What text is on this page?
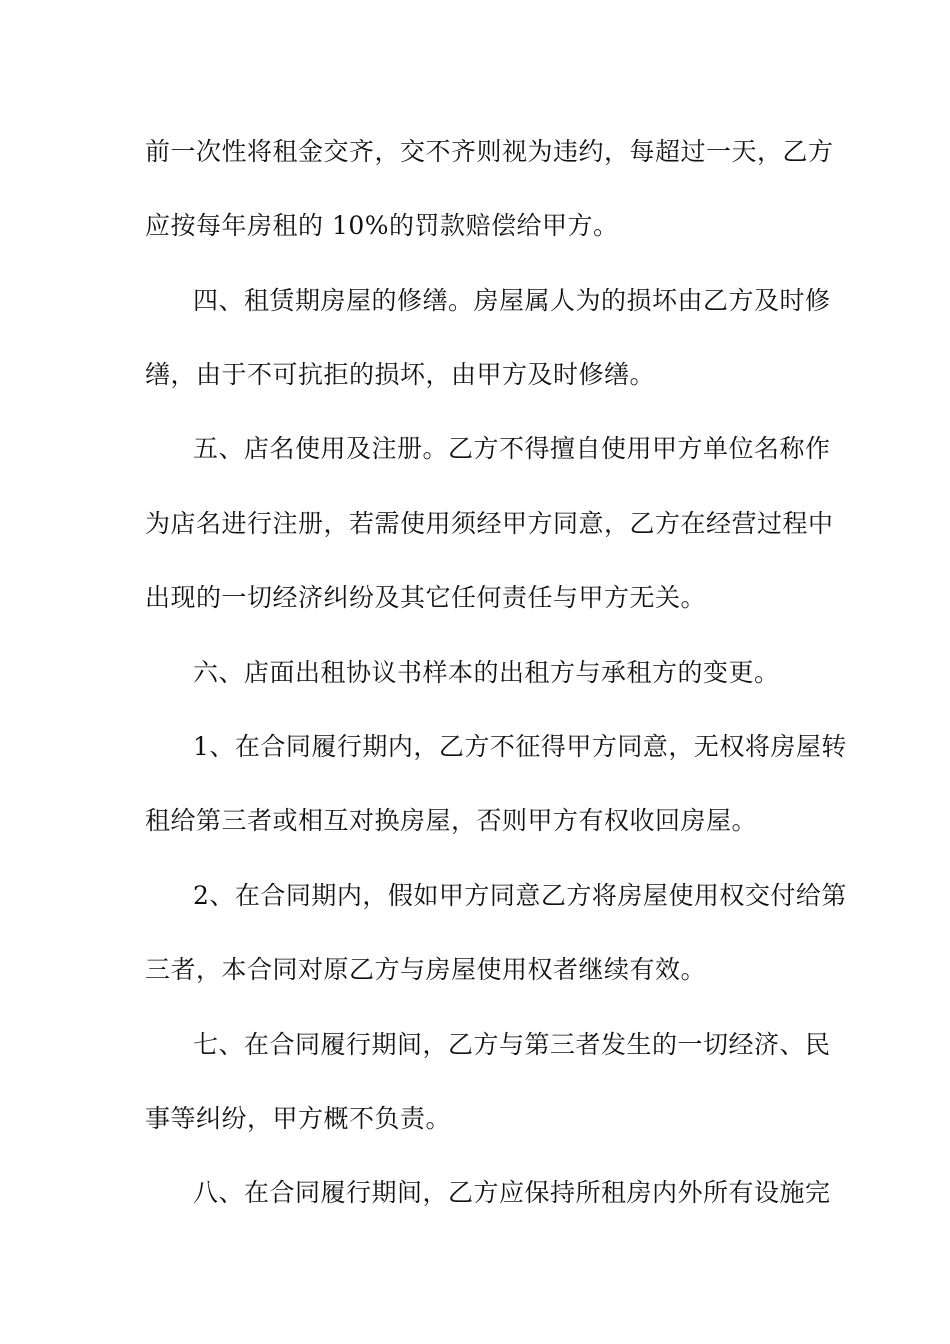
前一次性将租金交齐，交不齐则视为违约，每超过一天，乙方
应按每年房租的 10%的罚款赔偿给甲方。
四、租赁期房屋的修缮。房屋属人为的损坏由乙方及时修
缮，由于不可抗拒的损坏，由甲方及时修缮。
五、店名使用及注册。乙方不得擅自使用甲方单位名称作
为店名进行注册，若需使用须经甲方同意，乙方在经营过程中
出现的一切经济纠纷及其它任何责任与甲方无关。
六、店面出租协议书样本的出租方与承租方的变更。
1、在合同履行期内，乙方不征得甲方同意，无权将房屋转
租给第三者或相互对换房屋，否则甲方有权收回房屋。
2、在合同期内，假如甲方同意乙方将房屋使用权交付给第
三者，本合同对原乙方与房屋使用权者继续有效。
七、在合同履行期间，乙方与第三者发生的一切经济、民
事等纠纷，甲方概不负责。
八、在合同履行期间，乙方应保持所租房内外所有设施完
